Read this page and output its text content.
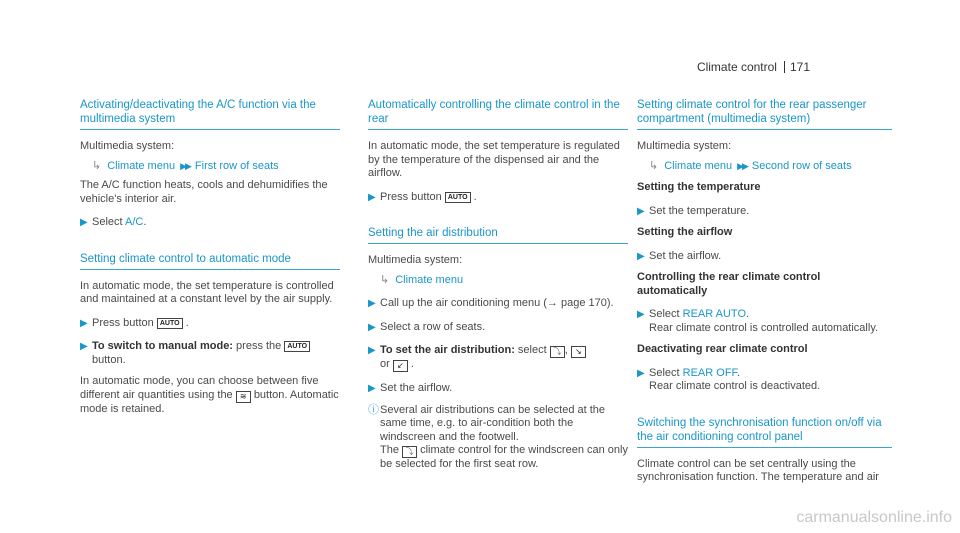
Climate control 171
Activating/deactivating the A/C function via the multimedia system
Multimedia system:
↳ Climate menu ▶▶ First row of seats
The A/C function heats, cools and dehumidifies the vehicle's interior air.
▶ Select A/C.
Setting climate control to automatic mode
In automatic mode, the set temperature is controlled and maintained at a constant level by the air supply.
▶ Press button AUTO .
▶ To switch to manual mode: press the AUTO
button.
In automatic mode, you can choose between five different air quantities using the ≋ button. Automatic mode is retained.
Automatically controlling the climate control in the rear
In automatic mode, the set temperature is regulated by the temperature of the dispensed air and the airflow.
▶ Press button AUTO .
Setting the air distribution
Multimedia system:
↳ Climate menu
▶ Call up the air conditioning menu (→ page 170).
▶ Select a row of seats.
▶ To set the air distribution: select ⤵ , ↘
or ↙ .
▶ Set the airflow.
ⓘ Several air distributions can be selected at the same time, e.g. to air-condition both the windscreen and the footwell.
The ⤵ climate control for the windscreen can only be selected for the first seat row.
Setting climate control for the rear passenger compartment (multimedia system)
Multimedia system:
↳ Climate menu ▶▶ Second row of seats
Setting the temperature
▶ Set the temperature.
Setting the airflow
▶ Set the airflow.
Controlling the rear climate control automatically
▶ Select REAR AUTO.
Rear climate control is controlled automatically.
Deactivating rear climate control
▶ Select REAR OFF.
Rear climate control is deactivated.
Switching the synchronisation function on/off via the air conditioning control panel
Climate control can be set centrally using the synchronisation function. The temperature and air
carmanualsonline.info
